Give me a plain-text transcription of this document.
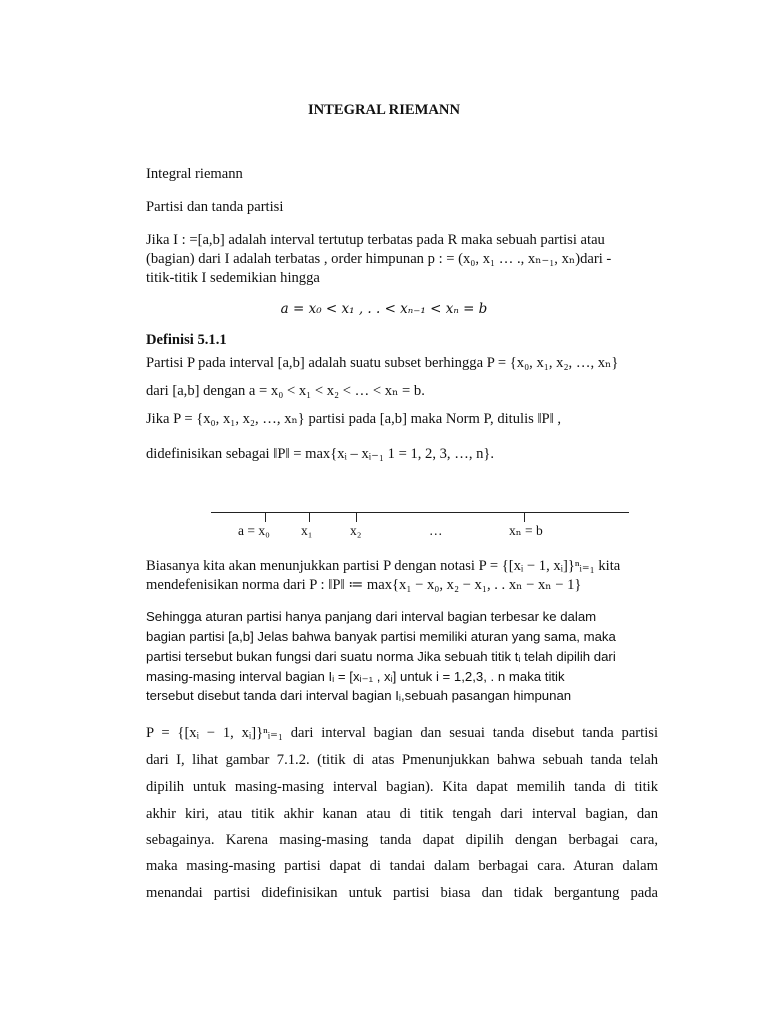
INTEGRAL RIEMANN
Integral riemann
Partisi dan tanda partisi
Jika I : =[a,b] adalah interval tertutup terbatas pada R maka sebuah partisi atau
(bagian) dari I adalah terbatas , order himpunan p : = (x₀, x₁ … ., xₙ₋₁, xₙ)dari -
titik-titik I sedemikian hingga
a = x₀ < x₁ , . . < xₙ₋₁ < xₙ = b
Definisi 5.1.1
Partisi P pada interval [a,b] adalah suatu subset berhingga P = {x₀, x₁, x₂, …, xₙ}
dari [a,b] dengan a = x₀ < x₁ < x₂ < … < xₙ = b.
Jika P = {x₀, x₁, x₂, …, xₙ} partisi pada [a,b] maka Norm P, ditulis ‖P‖ ,
didefinisikan sebagai ‖P‖ = max{xᵢ – xᵢ₋₁ 1 = 1, 2, 3, …, n}.
a = x₀ x₁	x₂	…	xₙ = b
Biasanya kita akan menunjukkan partisi P dengan notasi P = {[xᵢ − 1, xᵢ]}ⁿᵢ₌₁ kita
mendefenisikan norma dari P : ‖P‖ ≔ max{x₁ − x₀, x₂ − x₁, . . xₙ − xₙ − 1}
Sehingga aturan partisi hanya panjang dari interval bagian terbesar ke dalam
bagian partisi [a,b] Jelas bahwa banyak partisi memiliki aturan yang sama, maka
partisi tersebut bukan fungsi dari suatu norma Jika sebuah titik tᵢ telah dipilih dari
masing-masing interval bagian Iᵢ = [xᵢ₋₁ , xᵢ] untuk i = 1,2,3, . n maka titik
tersebut disebut tanda dari interval bagian Iᵢ,sebuah pasangan himpunan
P = {[xᵢ − 1, xᵢ]}ⁿᵢ₌₁ dari interval bagian dan sesuai tanda disebut tanda partisi
dari I, lihat gambar 7.1.2. (titik di atas Pmenunjukkan bahwa sebuah tanda telah
dipilih untuk masing-masing interval bagian). Kita dapat memilih tanda di titik
akhir kiri, atau titik akhir kanan atau di titik tengah dari interval bagian, dan
sebagainya. Karena masing-masing tanda dapat dipilih dengan berbagai cara,
maka masing-masing partisi dapat di tandai dalam berbagai cara. Aturan dalam
menandai partisi didefinisikan untuk partisi biasa dan tidak bergantung pada
